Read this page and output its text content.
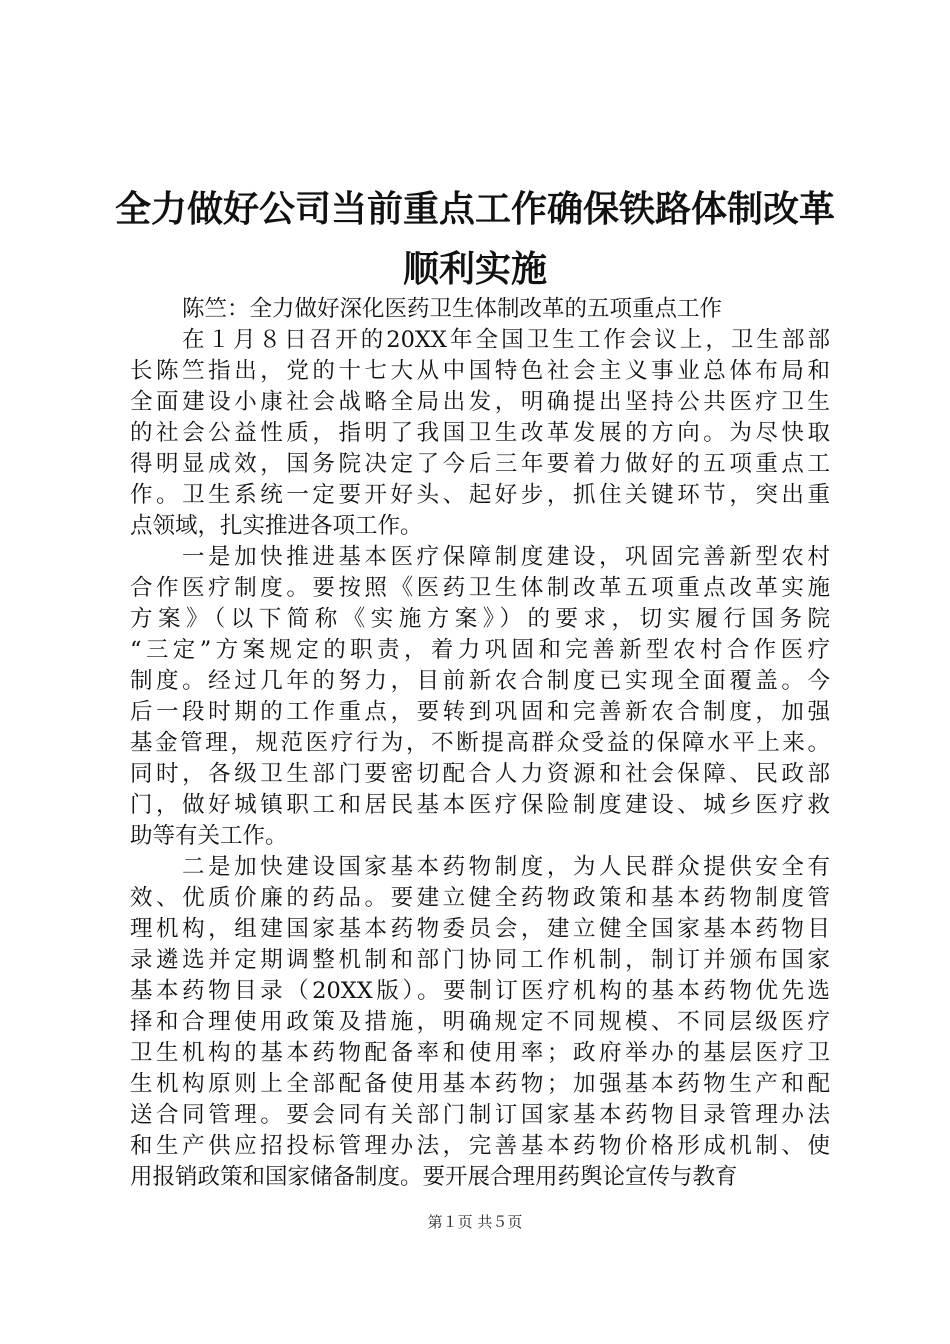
全力做好公司当前重点工作确保铁路体制改革
顺利实施
陈竺：全力做好深化医药卫生体制改革的五项重点工作
在１月８日召开的20XX年全国卫生工作会议上，卫生部部
长陈竺指出，党的十七大从中国特色社会主义事业总体布局和
全面建设小康社会战略全局出发，明确提出坚持公共医疗卫生
的社会公益性质，指明了我国卫生改革发展的方向。为尽快取
得明显成效，国务院决定了今后三年要着力做好的五项重点工
作。卫生系统一定要开好头、起好步，抓住关键环节，突出重
点领域，扎实推进各项工作。
一是加快推进基本医疗保障制度建设，巩固完善新型农村
合作医疗制度。要按照《医药卫生体制改革五项重点改革实施
方案》（以下简称《实施方案》）的要求，切实履行国务院
“三定”方案规定的职责，着力巩固和完善新型农村合作医疗
制度。经过几年的努力，目前新农合制度已实现全面覆盖。今
后一段时期的工作重点，要转到巩固和完善新农合制度，加强
基金管理，规范医疗行为，不断提高群众受益的保障水平上来。
同时，各级卫生部门要密切配合人力资源和社会保障、民政部
门，做好城镇职工和居民基本医疗保险制度建设、城乡医疗救
助等有关工作。
二是加快建设国家基本药物制度，为人民群众提供安全有
效、优质价廉的药品。要建立健全药物政策和基本药物制度管
理机构，组建国家基本药物委员会，建立健全国家基本药物目
录遴选并定期调整机制和部门协同工作机制，制订并颁布国家
基本药物目录（20XX版）。要制订医疗机构的基本药物优先选
择和合理使用政策及措施，明确规定不同规模、不同层级医疗
卫生机构的基本药物配备率和使用率；政府举办的基层医疗卫
生机构原则上全部配备使用基本药物；加强基本药物生产和配
送合同管理。要会同有关部门制订国家基本药物目录管理办法
和生产供应招投标管理办法，完善基本药物价格形成机制、使
用报销政策和国家储备制度。要开展合理用药舆论宣传与教育
第１页 共５页
